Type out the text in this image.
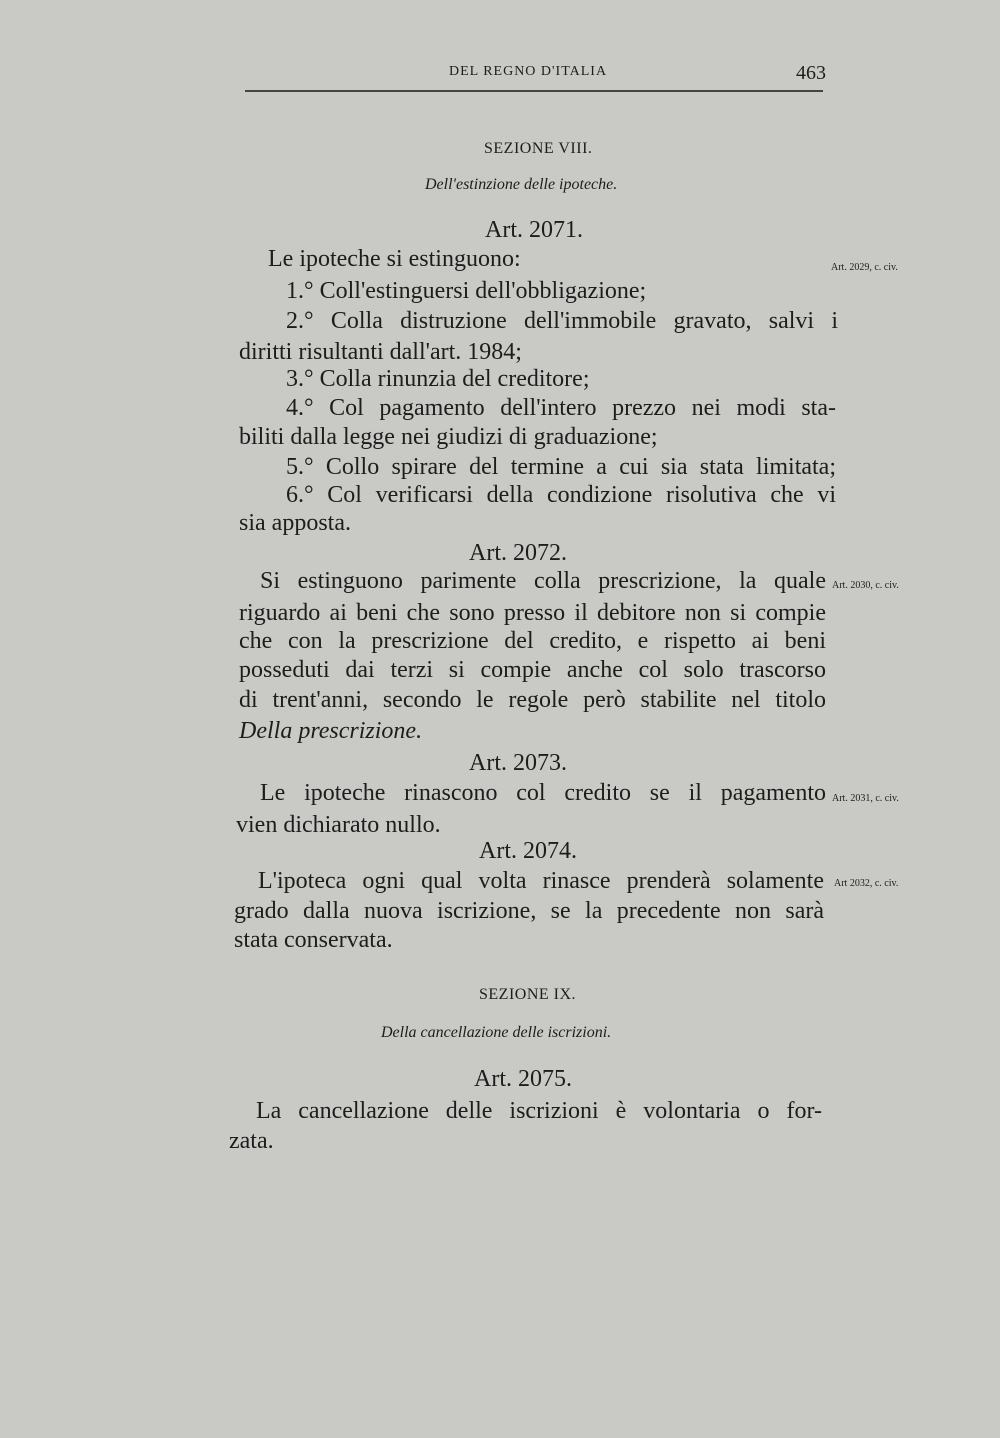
DEL REGNO D'ITALIA	463
SEZIONE VIII.
Dell'estinzione delle ipoteche.
Art. 2071.
Art. 2029, c. civ.
Le ipoteche si estinguono:
1.° Coll'estinguersi dell'obbligazione;
2.° Colla distruzione dell'immobile gravato, salvi i
diritti risultanti dall'art. 1984;
3.° Colla rinunzia del creditore;
4.° Col pagamento dell'intero prezzo nei modi sta-
biliti dalla legge nei giudizi di graduazione;
5.° Collo spirare del termine a cui sia stata limitata;
6.° Col verificarsi della condizione risolutiva che vi
sia apposta.
Art. 2072.
Art. 2030, c. civ.
Si estinguono parimente colla prescrizione, la quale
riguardo ai beni che sono presso il debitore non si compie
che con la prescrizione del credito, e rispetto ai beni
posseduti dai terzi si compie anche col solo trascorso
di trent'anni, secondo le regole però stabilite nel titolo
Della prescrizione.
Art. 2073.
Art. 2031, c. civ.
Le ipoteche rinascono col credito se il pagamento
vien dichiarato nullo.
Art. 2074.
Art 2032, c. civ.
L'ipoteca ogni qual volta rinasce prenderà solamente
grado dalla nuova iscrizione, se la precedente non sarà
stata conservata.
SEZIONE IX.
Della cancellazione delle iscrizioni.
Art. 2075.
La cancellazione delle iscrizioni è volontaria o for-
zata.
